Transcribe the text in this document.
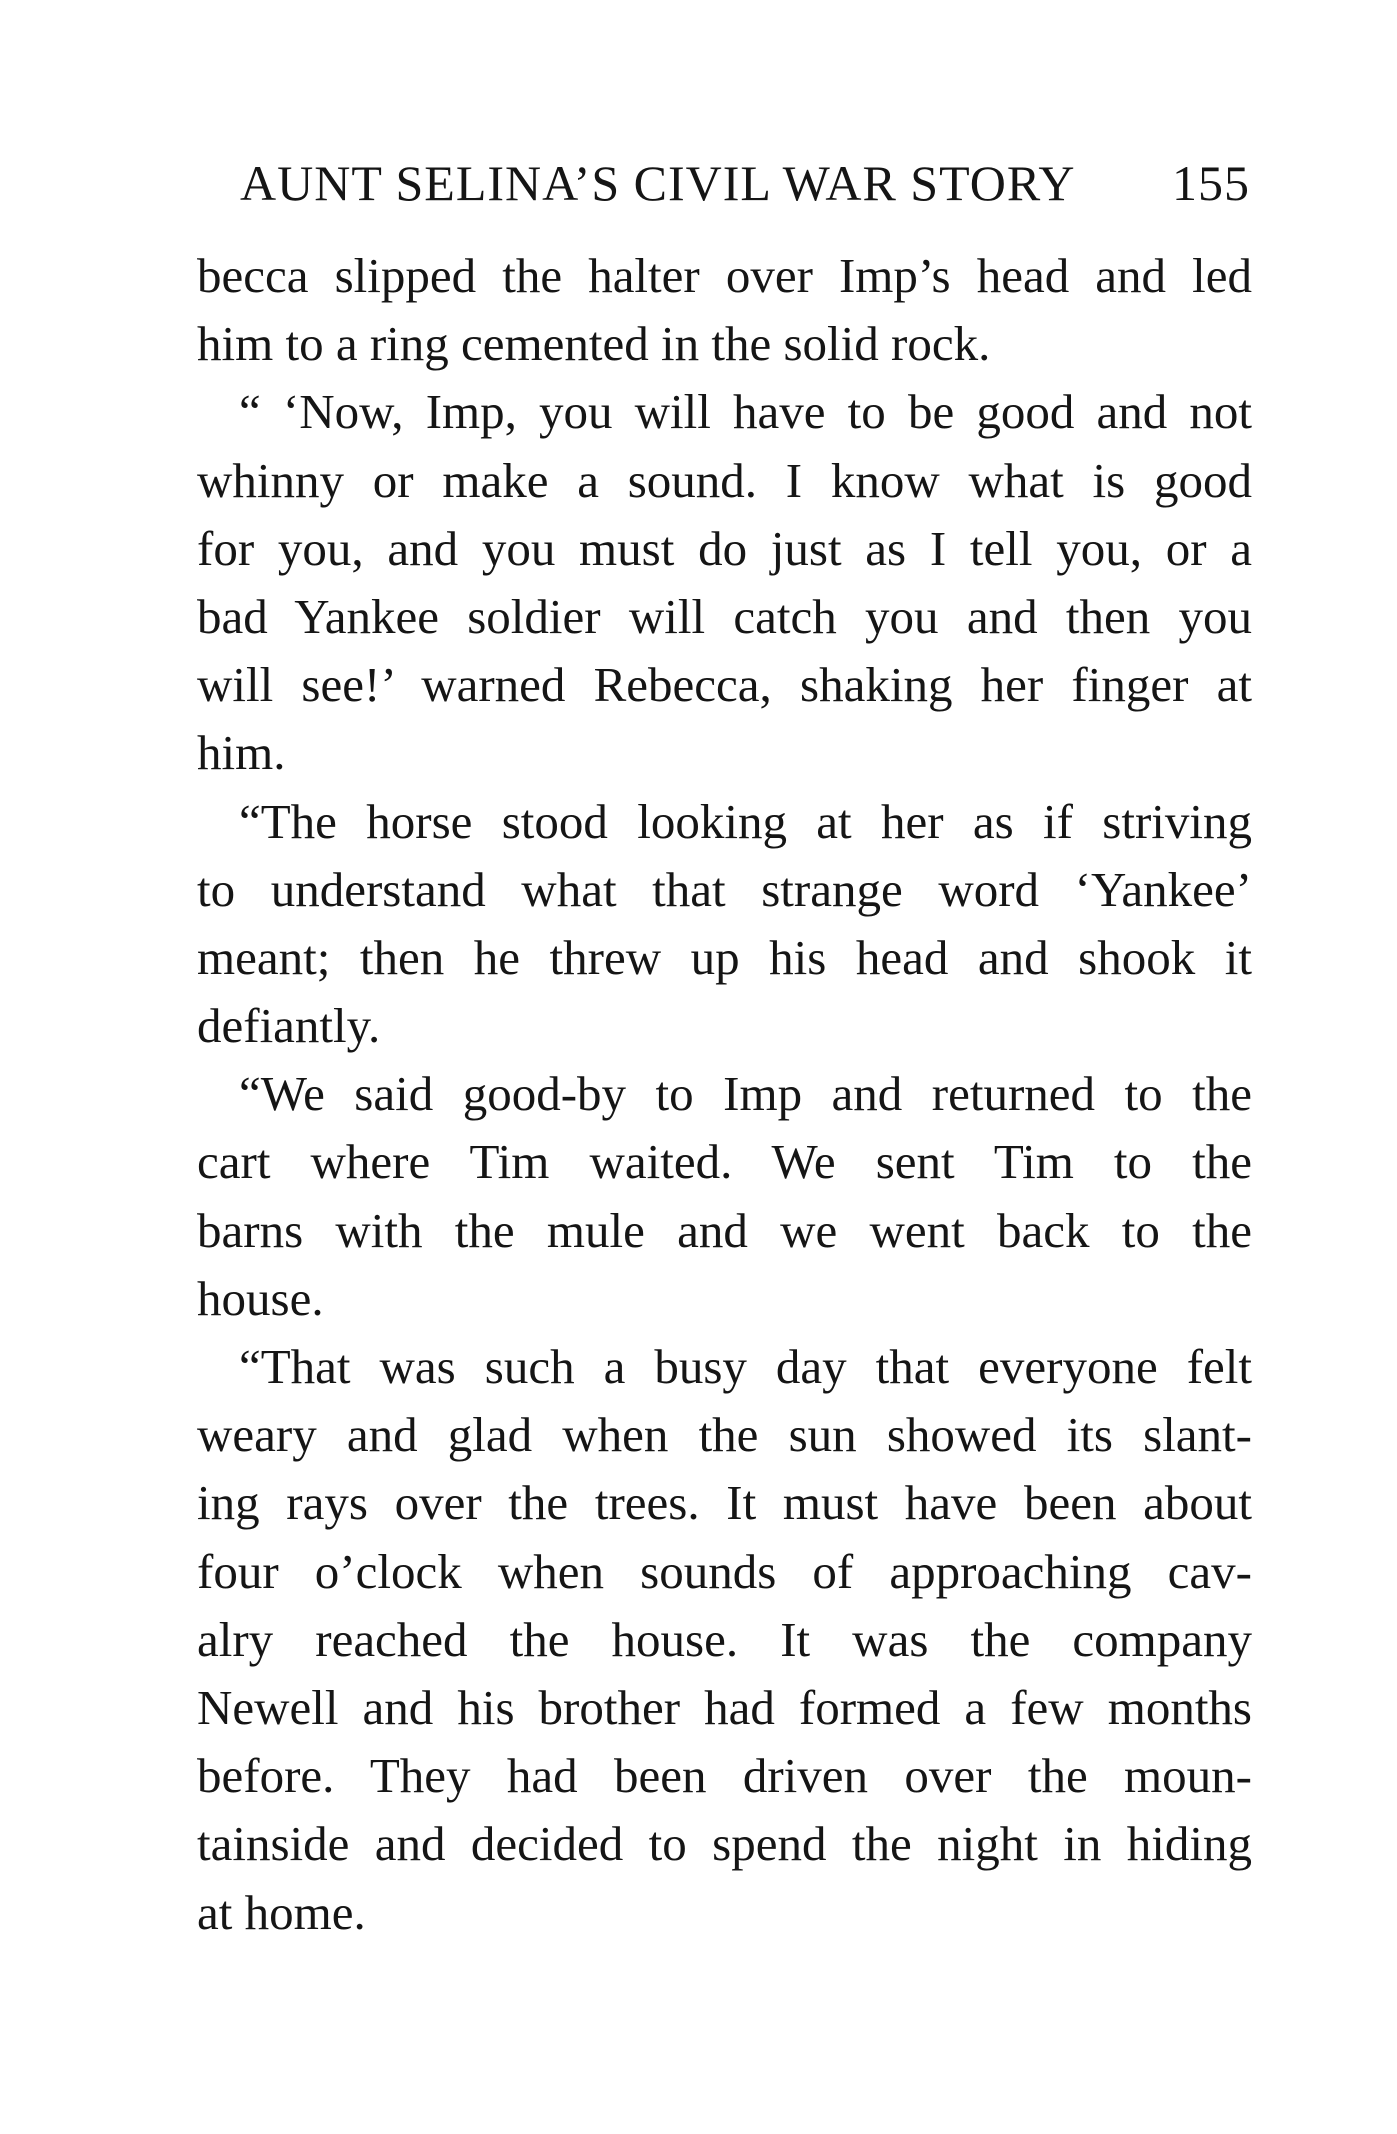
AUNT SELINA’S CIVIL WAR STORY 155
becca slipped the halter over Imp’s head and led
him to a ring cemented in the solid rock.
“ ‘Now, Imp, you will have to be good and not
whinny or make a sound. I know what is good
for you, and you must do just as I tell you, or a
bad Yankee soldier will catch you and then you
will see!’ warned Rebecca, shaking her finger at
him.
“The horse stood looking at her as if striving
to understand what that strange word ‘Yankee’
meant; then he threw up his head and shook it
defiantly.
“We said good-by to Imp and returned to the
cart where Tim waited. We sent Tim to the
barns with the mule and we went back to the
house.
“That was such a busy day that everyone felt
weary and glad when the sun showed its slant-
ing rays over the trees. It must have been about
four o’clock when sounds of approaching cav-
alry reached the house. It was the company
Newell and his brother had formed a few months
before. They had been driven over the moun-
tainside and decided to spend the night in hiding
at home.
